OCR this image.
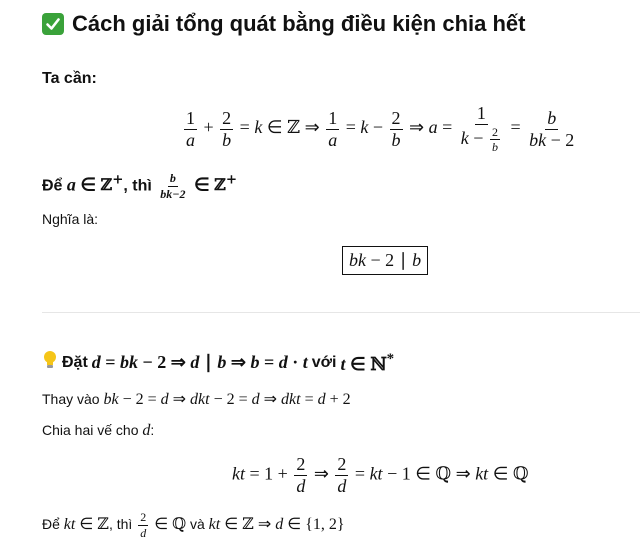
Cách giải tổng quát bằng điều kiện chia hết
Ta cần:
$\frac{1}{a} + \frac{2}{b} = k$ ∈ ℤ ⇒ $\frac{1}{a} = k - \frac{2}{b}$ ⇒ $a = \frac{1}{k - \frac{2}{b}} = \frac{b}{bk - 2}$
Để a ∈ ℤ+, thì $\frac{b}{bk-2}$ ∈ ℤ+
Nghĩa là:
bk − 2 ∣ b
Đặt d = bk − 2 ⇒ d ∣ b ⇒ b = d · t với t ∈ ℕ*
Thay vào bk − 2 = d ⇒ dkt − 2 = d ⇒ dkt = d + 2
Chia hai vế cho d:
kt = $1 + \frac{2}{d}$ ⇒ $\frac{2}{d}$ = kt − 1 ∈ ℚ ⇒ kt ∈ ℚ
Để kt ∈ ℤ, thì $\frac{2}{d}$ ∈ ℚ và kt ∈ ℤ ⇒ d ∈ {1, 2}
